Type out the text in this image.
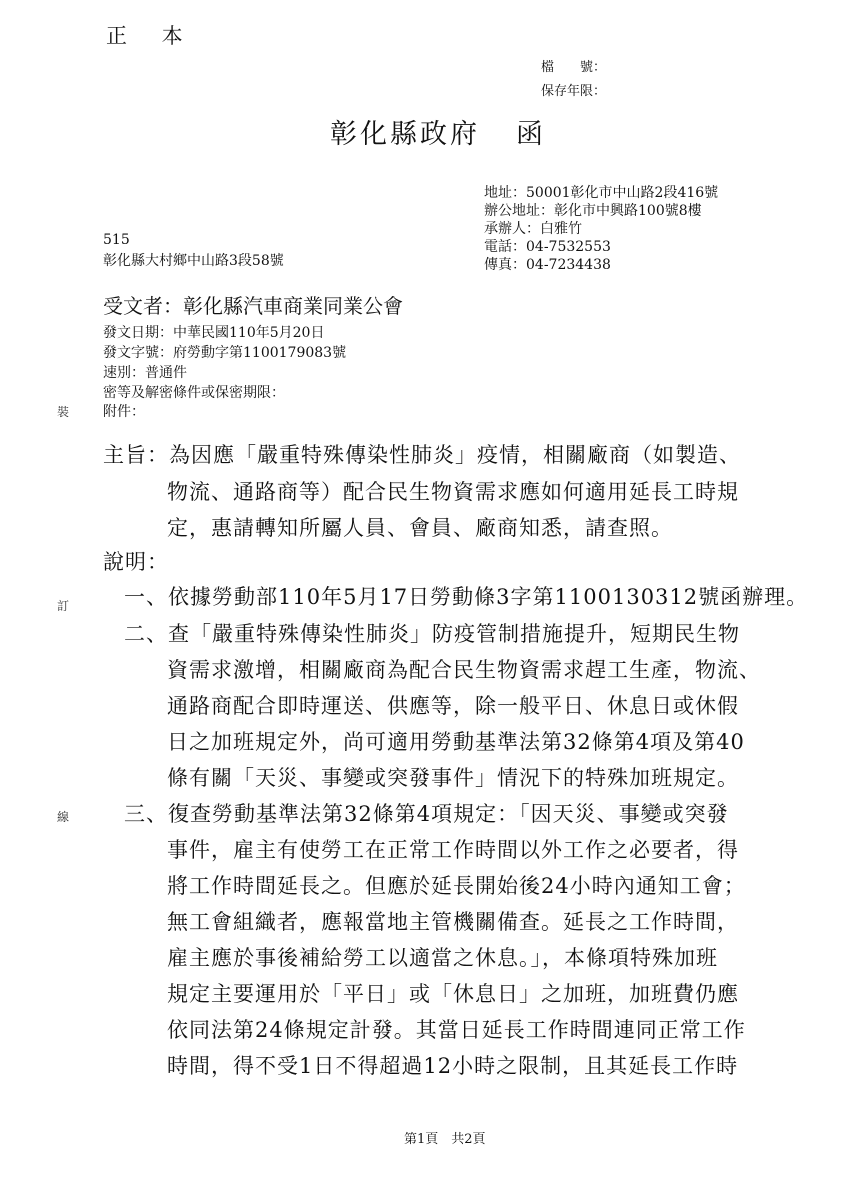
正 本
檔　　號：
保存年限：
彰化縣政府 函
地址：50001彰化市中山路2段416號
辦公地址：彰化市中興路100號8樓
承辦人：白雅竹
電話：04-7532553
傳真：04-7234438
515
彰化縣大村鄉中山路3段58號
受文者：彰化縣汽車商業同業公會
發文日期：中華民國110年5月20日
發文字號：府勞動字第1100179083號
速別：普通件
密等及解密條件或保密期限：
附件：
裝
訂
線
主旨：為因應「嚴重特殊傳染性肺炎」疫情，相關廠商（如製造、
物流、通路商等）配合民生物資需求應如何適用延長工時規
定，惠請轉知所屬人員、會員、廠商知悉，請查照。
說明：
一、依據勞動部110年5月17日勞動條3字第1100130312號函辦理。
二、查「嚴重特殊傳染性肺炎」防疫管制措施提升，短期民生物
資需求激增，相關廠商為配合民生物資需求趕工生產，物流、
通路商配合即時運送、供應等，除一般平日、休息日或休假
日之加班規定外，尚可適用勞動基準法第32條第4項及第40
條有關「天災、事變或突發事件」情況下的特殊加班規定。
三、復查勞動基準法第32條第4項規定：「因天災、事變或突發
事件，雇主有使勞工在正常工作時間以外工作之必要者，得
將工作時間延長之。但應於延長開始後24小時內通知工會；
無工會組織者，應報當地主管機關備查。延長之工作時間，
雇主應於事後補給勞工以適當之休息。」，本條項特殊加班
規定主要運用於「平日」或「休息日」之加班，加班費仍應
依同法第24條規定計發。其當日延長工作時間連同正常工作
時間，得不受1日不得超過12小時之限制，且其延長工作時
第1頁　共2頁
